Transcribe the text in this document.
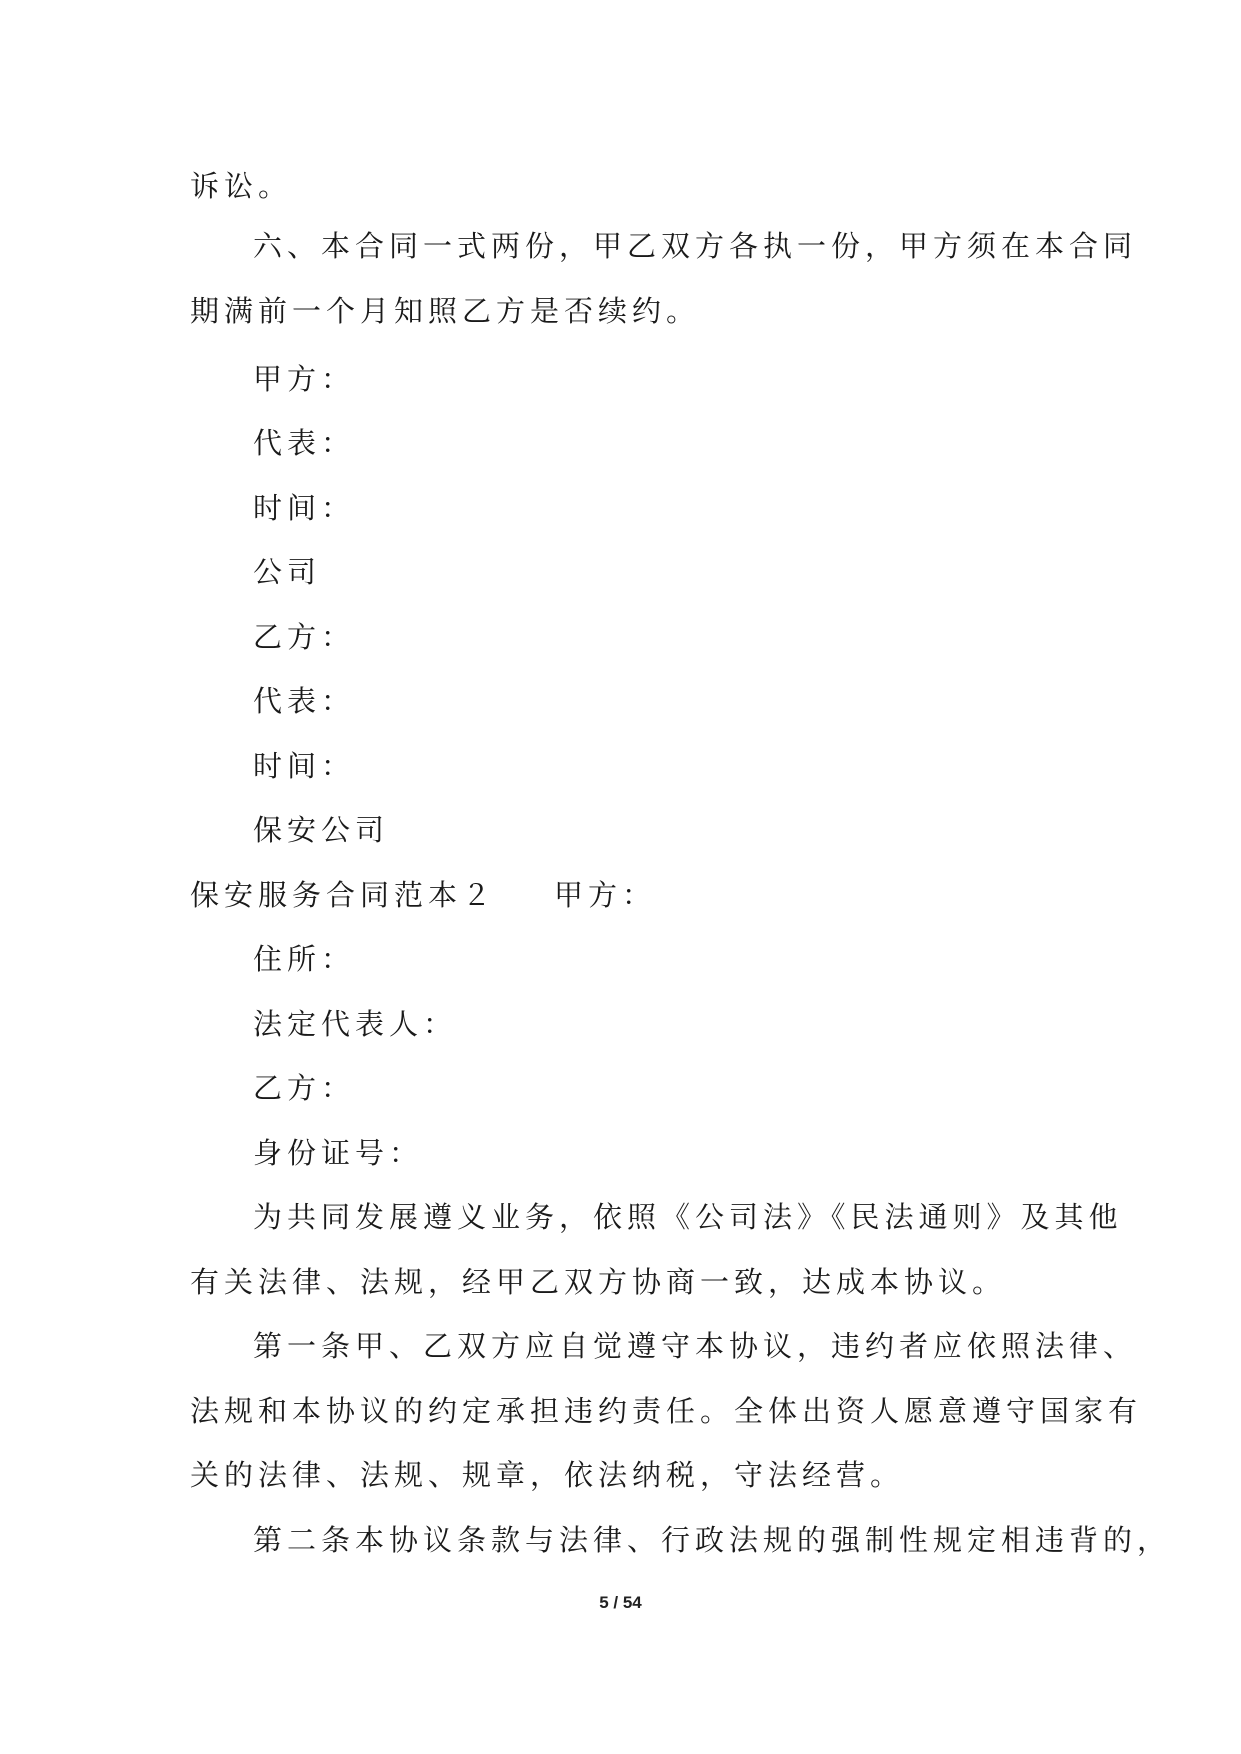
诉讼。
六、本合同一式两份，甲乙双方各执一份，甲方须在本合同
期满前一个月知照乙方是否续约。
甲方：
代表：
时间：
公司
乙方：
代表：
时间：
保安公司
保安服务合同范本２ 甲方：
住所：
法定代表人：
乙方：
身份证号：
为共同发展遵义业务，依照《公司法》《民法通则》及其他
有关法律、法规，经甲乙双方协商一致，达成本协议。
第一条甲、乙双方应自觉遵守本协议，违约者应依照法律、
法规和本协议的约定承担违约责任。全体出资人愿意遵守国家有
关的法律、法规、规章，依法纳税，守法经营。
第二条本协议条款与法律、行政法规的强制性规定相违背的，
5 / 54
